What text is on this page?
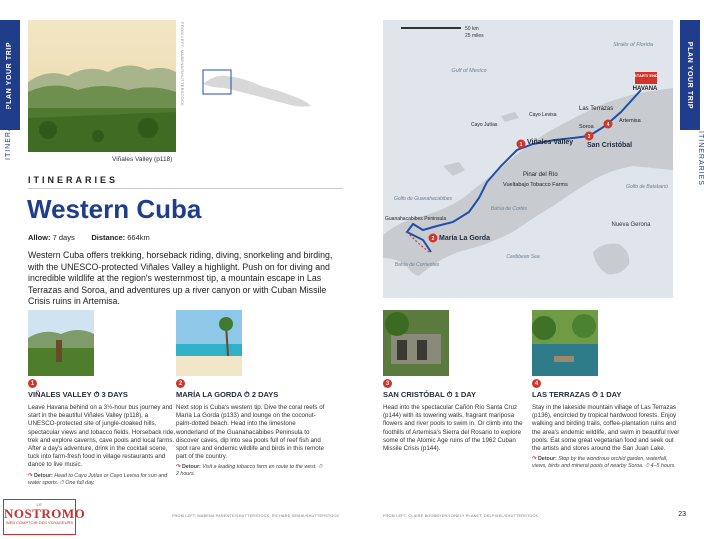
PLAN YOUR TRIP
ITINERARIES
PLAN YOUR TRIP
ITINERARIES
Viñales Valley (p118)
FROM LEFT: MABENA/SHUTTERSTOCK
ITINERARIES
Western Cuba
Allow: 7 days Distance: 664km
Western Cuba offers trekking, horseback riding, diving, snorkeling and birding, with the UNESCO-protected Viñales Valley a highlight. Push on for diving and incredible wildlife at the region's westernmost tip, a mountain escape in Las Terrazas and Soroa, and adventures up a river canyon or with Cuban Missile Crisis ruins in Artemisa.
1
VIÑALES VALLEY ⏱ 3 DAYS
Leave Havana behind on a 3½-hour bus journey and start in the beautiful Viñales Valley (p118), a UNESCO-protected site of jungle-cloaked hills, spectacular views and tobacco fields. Horseback ride, trek and explore caverns, cave pools and local farms. After a day's adventure, drink in the cocktail scene, tuck into farm-fresh food in village restaurants and dance to live music.
↷ Detour: Head to Cayo Jutías or Cayo Levisa for sun and water sports. ⏱ One full day.
2
MARÍA LA GORDA ⏱ 2 DAYS
Next stop is Cuba's western tip. Dive the coral reefs of María La Gorda (p133) and lounge on the coconut-palm-dotted beach. Head into the limestone wonderland of the Guanahacabibes Peninsula to discover caves, dip into sea pools full of reef fish and spot rare and endemic wildlife and birds in this remote part of the country.
↷ Detour: Visit a leading tobacco farm en route to the west. ⏱ 2 hours.
3
SAN CRISTÓBAL ⏱ 1 DAY
Head into the spectacular Cañón Río Santa Cruz (p144) with its towering walls, fragrant mariposa flowers and river pools to swim in. Or climb into the foothills of Artemisa's Sierra del Rosario to explore some of the Atomic Age ruins of the 1962 Cuban Missile Crisis (p144).
4
LAS TERRAZAS ⏱ 1 DAY
Stay in the lakeside mountain village of Las Terrazas (p136), encircled by tropical hardwood forests. Enjoy walking and birding trails, coffee-plantation ruins and the area's endemic wildlife, and swim in beautiful river pools. Eat some great vegetarian food and seek out the artists and stores around the San Juan Lake.
↷ Detour: Stop by the wondrous orchid garden, waterfall, views, birds and mineral pools of nearby Soroa. ⏱ 4–5 hours.
50 km
25 miles
Straits of Florida
Gulf of Mexico
Golfo de Guanahacabibes
Bahía de Cortés
Bahía de Corrientes
Caribbean Sea
Golfo de Batabanó
Nueva Gerona
START/ END
HAVANA
Cayo Levisa
Cayo Jutías
Las Terrazas
Soroa
Artemisa
1 Viñales Valley
3
San Cristóbal
4
2 María La Gorda
Pinar del Río
Vueltabajo Tobacco Farms
Guanahacabibes Peninsula
FROM LEFT: MABENA PARENTE/SHUTTERSTOCK; RICHARD SEMIK/SHUTTERSTOCK	FROM LEFT: CLAIRE BOOBBYER/LONELY PLANET; DELPIXEL/SHUTTERSTOCK	23
LE
NOSTROMO
WEB COMPTOIR DES VOYAGEURS
